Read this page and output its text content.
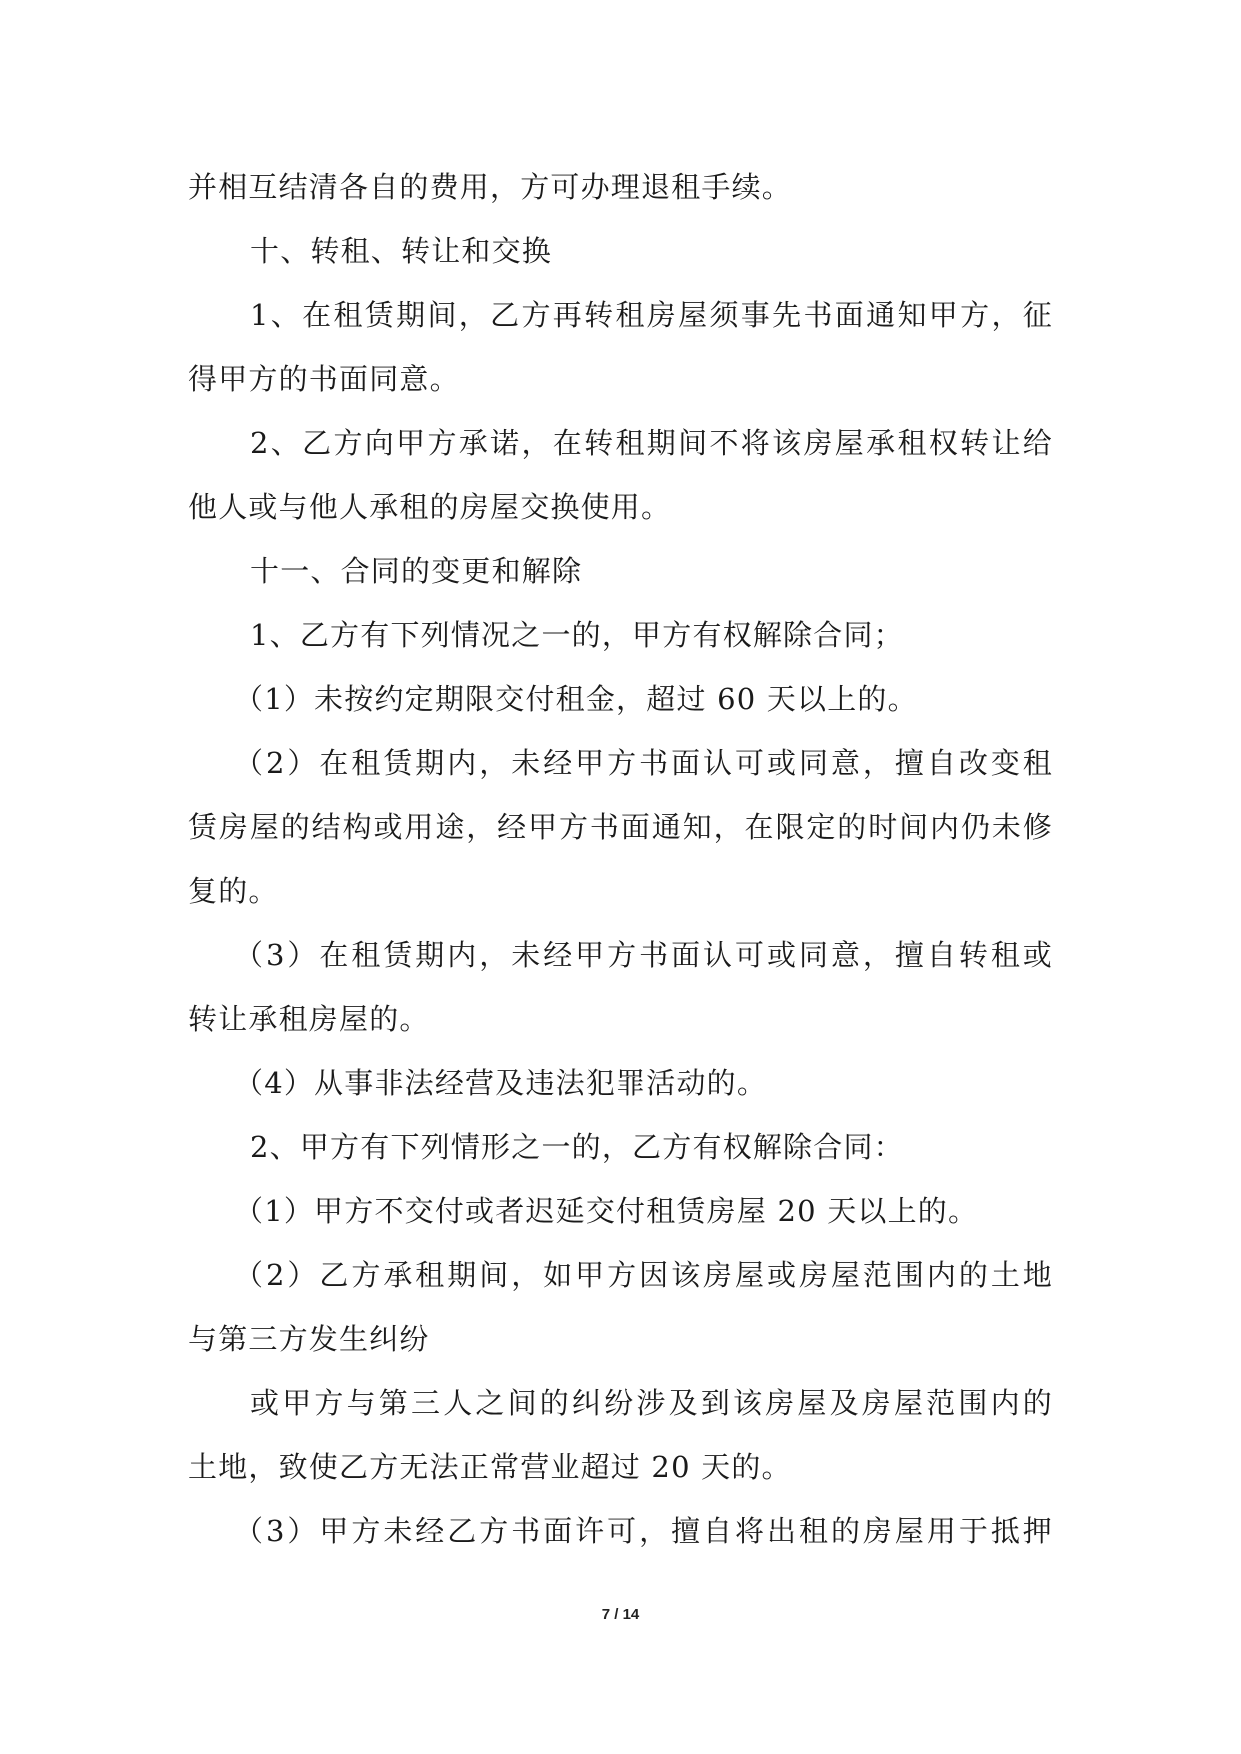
并相互结清各自的费用，方可办理退租手续。
十、转租、转让和交换
1、在租赁期间，乙方再转租房屋须事先书面通知甲方，征
得甲方的书面同意。
2、乙方向甲方承诺，在转租期间不将该房屋承租权转让给
他人或与他人承租的房屋交换使用。
十一、合同的变更和解除
1、乙方有下列情况之一的，甲方有权解除合同；
（1）未按约定期限交付租金，超过 60 天以上的。
（2）在租赁期内，未经甲方书面认可或同意，擅自改变租
赁房屋的结构或用途，经甲方书面通知，在限定的时间内仍未修
复的。
（3）在租赁期内，未经甲方书面认可或同意，擅自转租或
转让承租房屋的。
（4）从事非法经营及违法犯罪活动的。
2、甲方有下列情形之一的，乙方有权解除合同：
（1）甲方不交付或者迟延交付租赁房屋 20 天以上的。
（2）乙方承租期间，如甲方因该房屋或房屋范围内的土地
与第三方发生纠纷
或甲方与第三人之间的纠纷涉及到该房屋及房屋范围内的
土地，致使乙方无法正常营业超过 20 天的。
（3）甲方未经乙方书面许可，擅自将出租的房屋用于抵押
7 / 14
